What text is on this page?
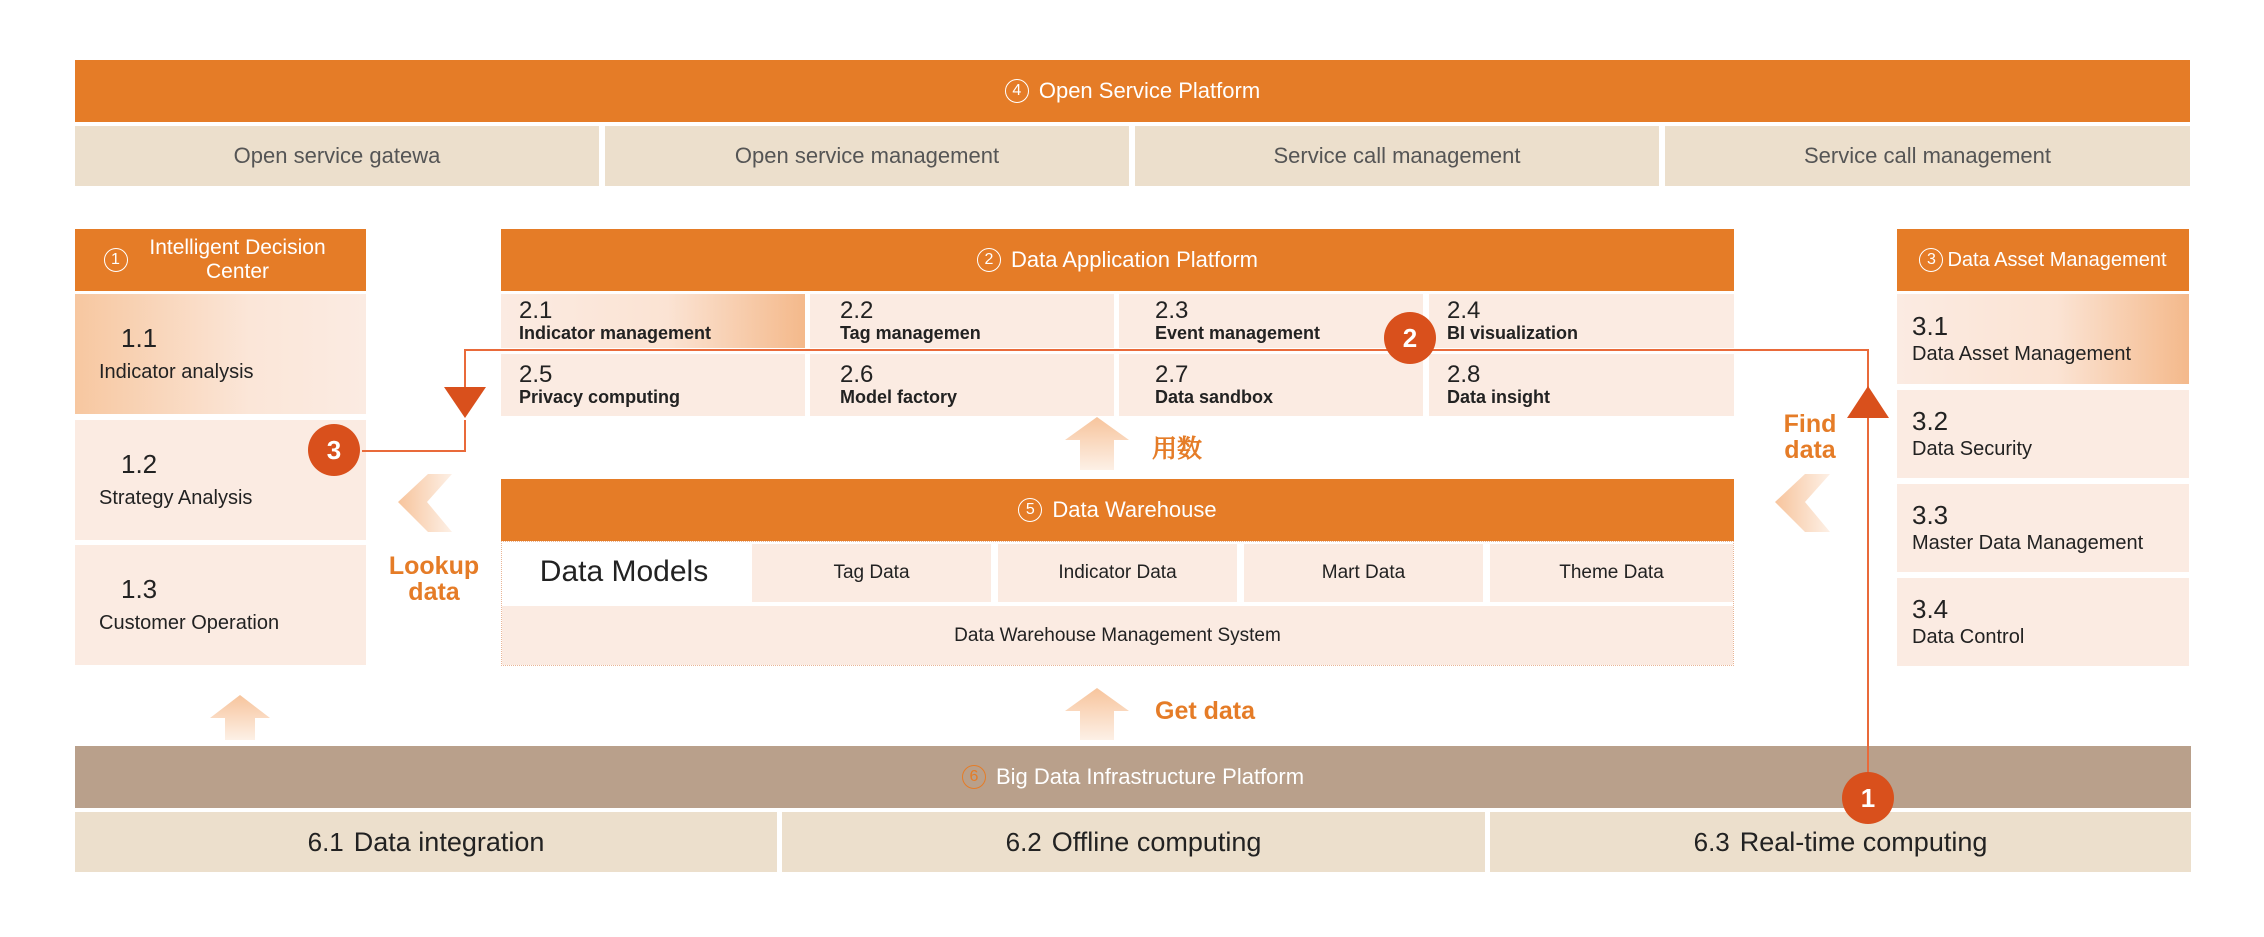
4 Open Service Platform
Open service gatewa	Open service management	Service call management	Service call management
1
Intelligent Decision Center
1.1
Indicator analysis
1.2
Strategy Analysis
1.3
Customer Operation
2 Data Application Platform
2.1
Indicator management
2.2
Tag managemen
2.3
Event management
2.4
BI visualization
2.5
Privacy computing
2.6
Model factory
2.7
Data sandbox
2.8
Data insight
3 Data Asset Management
3.1
Data Asset Management
3.2
Data Security
3.3
Master Data Management
3.4
Data Control
5 Data Warehouse
Data Models	Tag Data	Indicator Data	Mart Data	Theme Data
Data Warehouse Management System
6 Big Data Infrastructure Platform
6.1 Data integration	6.2 Offline computing	6.3 Real-time computing
用数
Get data
Lookup
data
Find
data
1
2
3
